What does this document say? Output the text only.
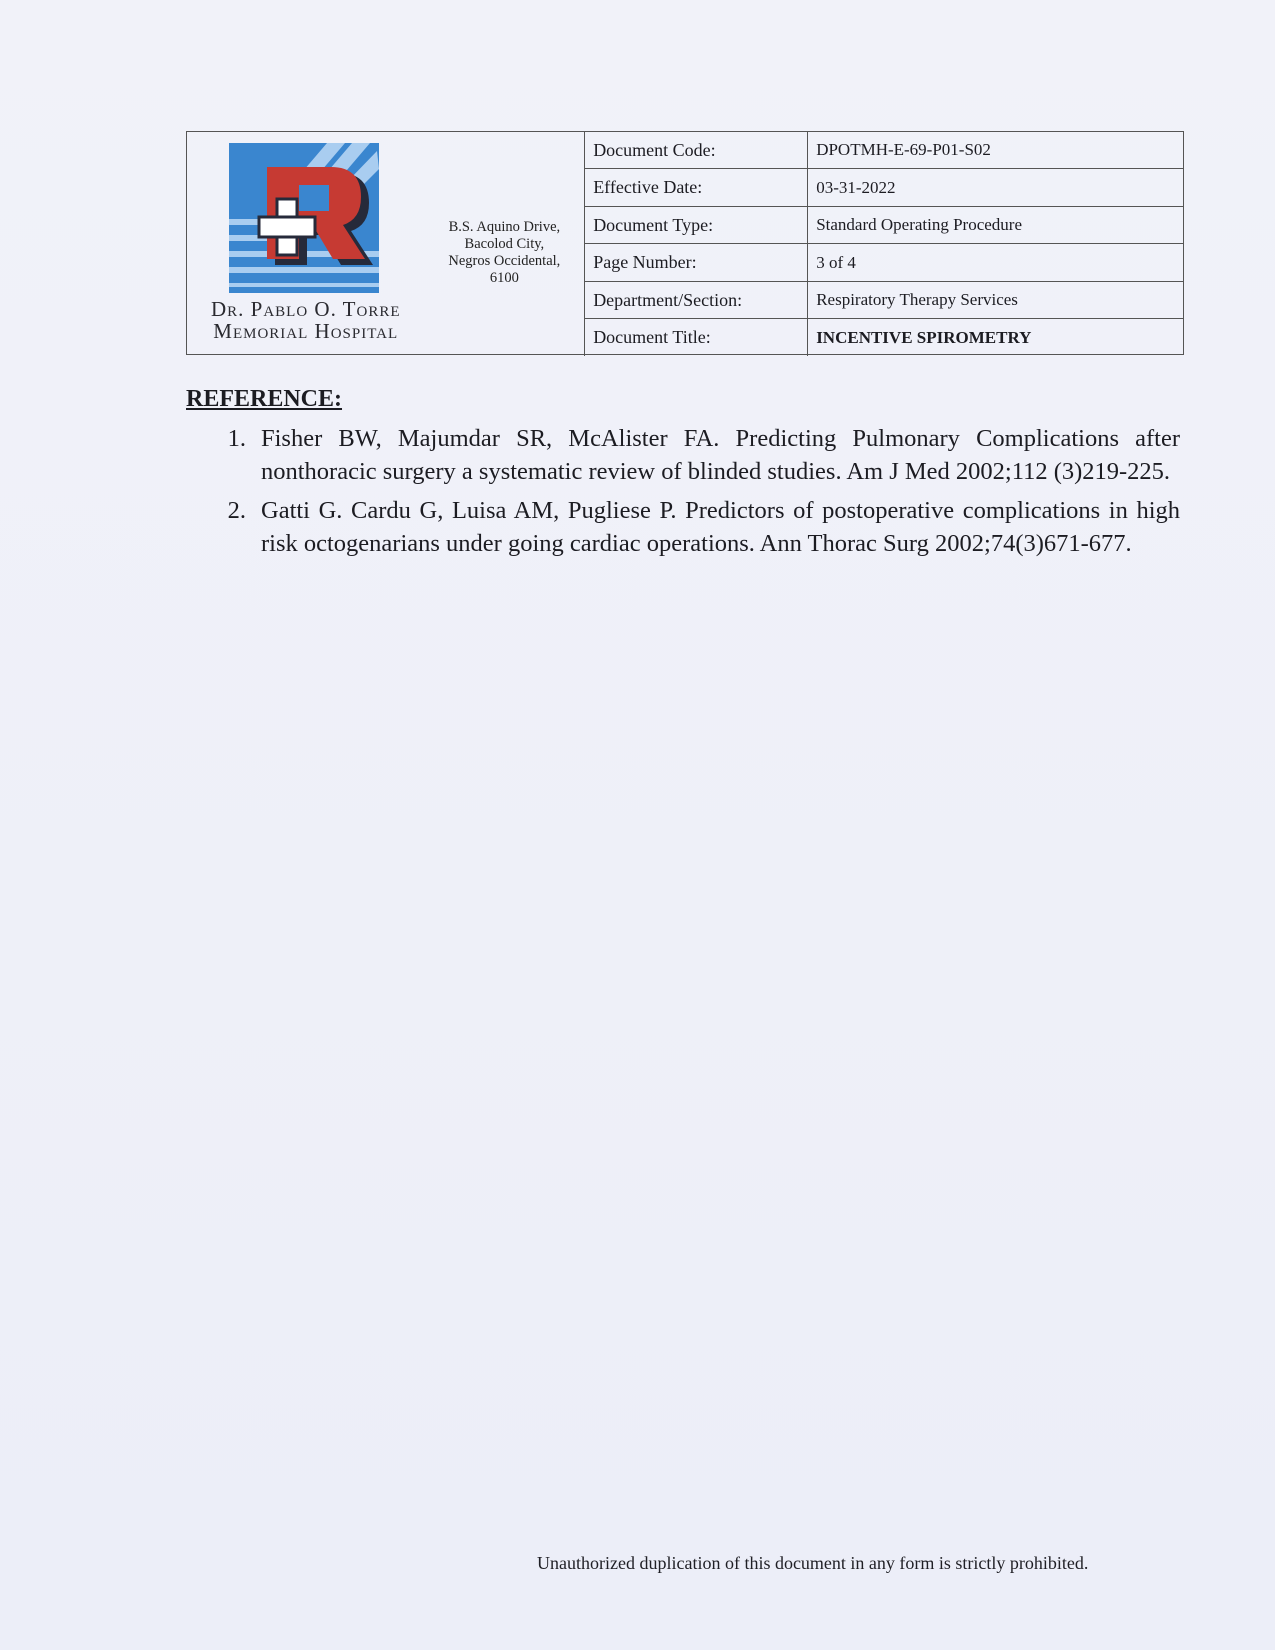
Dr. Pablo O. Torre
Memorial Hospital
B.S. Aquino Drive,
Bacolod City,
Negros Occidental,
6100
Document Code:	DPOTMH-E-69-P01-S02
Effective Date:	03-31-2022
Document Type:	Standard Operating Procedure
Page Number:	3 of 4
Department/Section:	Respiratory Therapy Services
Document Title:	INCENTIVE SPIROMETRY
REFERENCE:
1. Fisher BW, Majumdar SR, McAlister FA. Predicting Pulmonary Complications after nonthoracic surgery a systematic review of blinded studies. Am J Med 2002;112 (3)219-225.
2. Gatti G. Cardu G, Luisa AM, Pugliese P. Predictors of postoperative complications in high risk octogenarians under going cardiac operations. Ann Thorac Surg 2002;74(3)671-677.
Unauthorized duplication of this document in any form is strictly prohibited.
